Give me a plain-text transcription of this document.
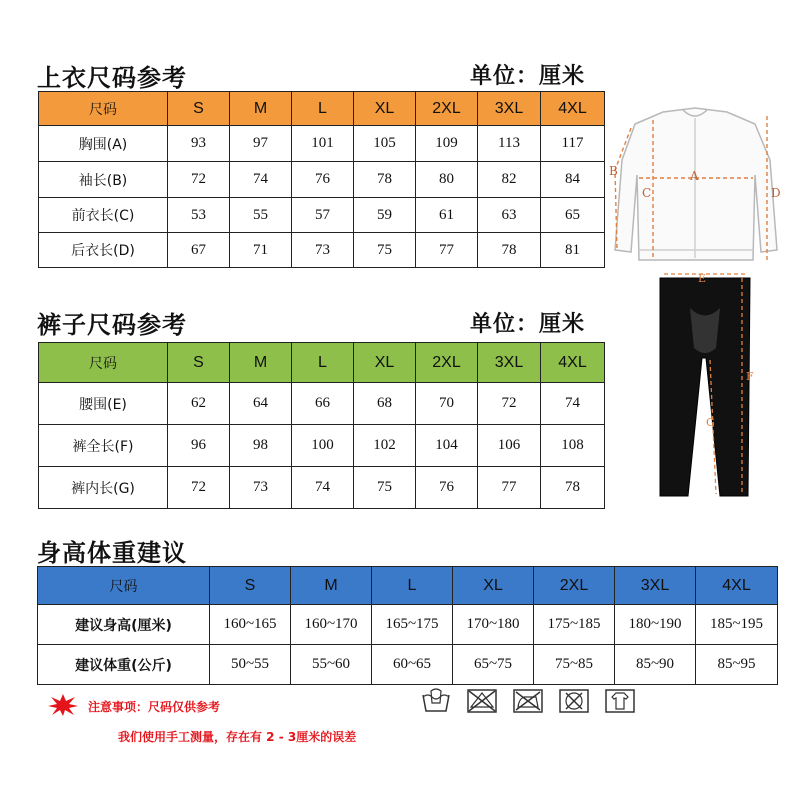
上衣尺码参考	单位：厘米
尺码	S	M	L	XL	2XL	3XL	4XL
胸围(A)	93	97	101	105	109	113	117
袖长(B)	72	74	76	78	80	82	84
前衣长(C)	53	55	57	59	61	63	65
后衣长(D)	67	71	73	75	77	78	81
裤子尺码参考	单位：厘米
尺码	S	M	L	XL	2XL	3XL	4XL
腰围(E)	62	64	66	68	70	72	74
裤全长(F)	96	98	100	102	104	106	108
裤内长(G)	72	73	74	75	76	77	78
身高体重建议
尺码	S	M	L	XL	2XL	3XL	4XL
建议身高(厘米)	160~165	160~170	165~175	170~180	175~185	180~190	185~195
建议体重(公斤)	50~55	55~60	60~65	65~75	75~85	85~90	85~95
A
B
C	D
E
F
G
注意事项：尺码仅供参考
我们使用手工测量，存在有 2 - 3厘米的误差
